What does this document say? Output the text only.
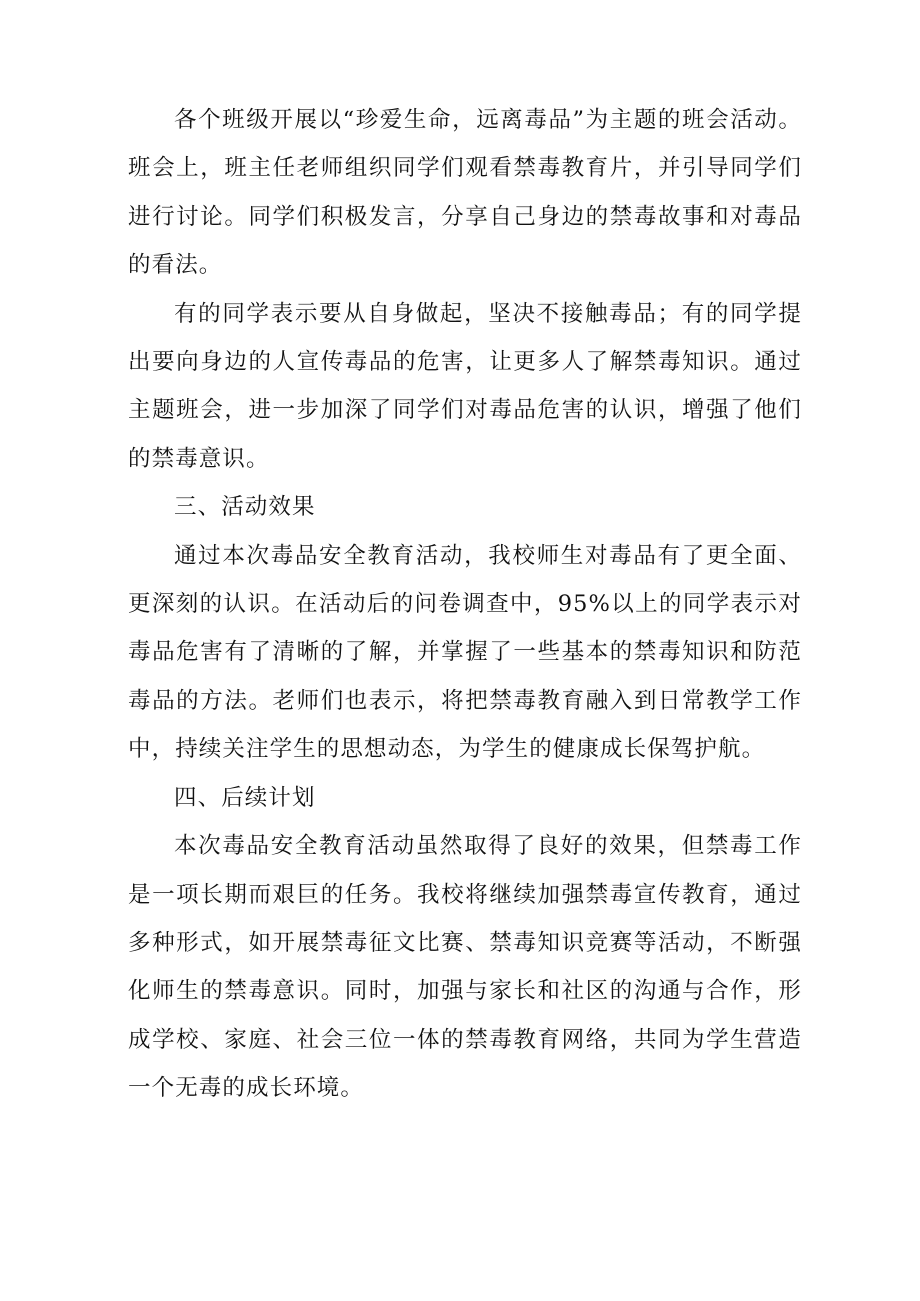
各个班级开展以“珍爱生命，远离毒品”为主题的班会活动。班会上，班主任老师组织同学们观看禁毒教育片，并引导同学们进行讨论。同学们积极发言，分享自己身边的禁毒故事和对毒品的看法。

有的同学表示要从自身做起，坚决不接触毒品；有的同学提出要向身边的人宣传毒品的危害，让更多人了解禁毒知识。通过主题班会，进一步加深了同学们对毒品危害的认识，增强了他们的禁毒意识。

三、活动效果

通过本次毒品安全教育活动，我校师生对毒品有了更全面、更深刻的认识。在活动后的问卷调查中，95%以上的同学表示对毒品危害有了清晰的了解，并掌握了一些基本的禁毒知识和防范毒品的方法。老师们也表示，将把禁毒教育融入到日常教学工作中，持续关注学生的思想动态，为学生的健康成长保驾护航。

四、后续计划

本次毒品安全教育活动虽然取得了良好的效果，但禁毒工作是一项长期而艰巨的任务。我校将继续加强禁毒宣传教育，通过多种形式，如开展禁毒征文比赛、禁毒知识竞赛等活动，不断强化师生的禁毒意识。同时，加强与家长和社区的沟通与合作，形成学校、家庭、社会三位一体的禁毒教育网络，共同为学生营造一个无毒的成长环境。
